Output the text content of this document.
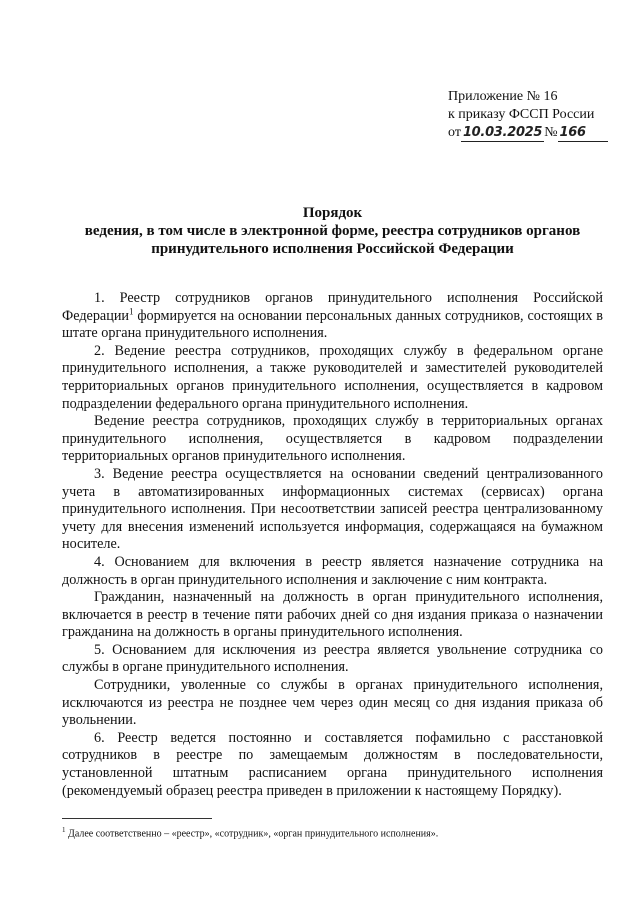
Приложение № 16
к приказу ФССП России
от 10.03.2025 № 166
Порядок
ведения, в том числе в электронной форме, реестра сотрудников органов
принудительного исполнения Российской Федерации

1. Реестр сотрудников органов принудительного исполнения Российской Федерации$^1$ формируется на основании персональных данных сотрудников, состоящих в штате органа принудительного исполнения.

2. Ведение реестра сотрудников, проходящих службу в федеральном органе принудительного исполнения, а также руководителей и заместителей руководителей территориальных органов принудительного исполнения, осуществляется в кадровом подразделении федерального органа принудительного исполнения.

Ведение реестра сотрудников, проходящих службу в территориальных органах принудительного исполнения, осуществляется в кадровом подразделении территориальных органов принудительного исполнения.

3. Ведение реестра осуществляется на основании сведений централизованного учета в автоматизированных информационных системах (сервисах) органа принудительного исполнения. При несоответствии записей реестра централизованному учету для внесения изменений используется информация, содержащаяся на бумажном носителе.

4. Основанием для включения в реестр является назначение сотрудника на должность в орган принудительного исполнения и заключение с ним контракта.

Гражданин, назначенный на должность в орган принудительного исполнения, включается в реестр в течение пяти рабочих дней со дня издания приказа о назначении гражданина на должность в органы принудительного исполнения.

5. Основанием для исключения из реестра является увольнение сотрудника со службы в органе принудительного исполнения.

Сотрудники, уволенные со службы в органах принудительного исполнения, исключаются из реестра не позднее чем через один месяц со дня издания приказа об увольнении.

6. Реестр ведется постоянно и составляется пофамильно с расстановкой сотрудников в реестре по замещаемым должностям в последовательности, установленной штатным расписанием органа принудительного исполнения (рекомендуемый образец реестра приведен в приложении к настоящему Порядку).

$^1$ Далее соответственно – «реестр», «сотрудник», «орган принудительного исполнения».
